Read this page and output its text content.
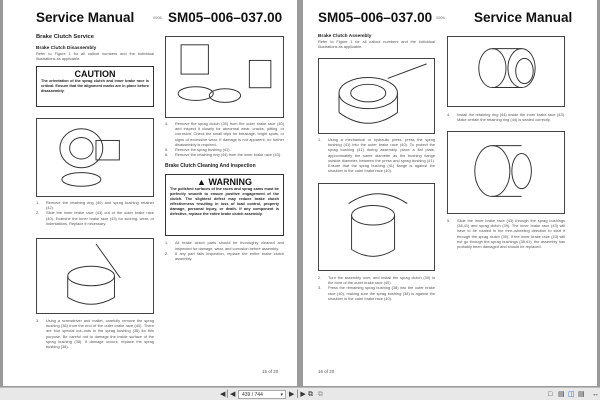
Service Manual	0506 SM05–006–037.00
Brake Clutch Service
Brake Clutch Disassembly
Refer to Figure 1 for all callout numbers and the individual illustrations as applicable.
CAUTION
The orientation of the sprag clutch and inner brake race is critical. Ensure that the alignment marks are in place before disassembly.
1.	Remove the retaining ring (40) and sprag bushing retainer (42).
2.	Slide the inner brake race (43) out of the outer brake race (40). Examine the inner brake race (43) for scoring, wear, or indentations. Replace if necessary.
3.	Using a screwdriver and mallet, carefully remove the sprag bushing (38) from the end of the outer brake race (40). There are four special cut–outs in the sprag bushing (38) for this purpose. Be careful not to damage the inside surface of the sprag bushing (38). If damage occurs, replace the sprag bushing (38).
4.	Remove the sprag clutch (39) from the outer brake race (40) and inspect it closely for abnormal wear, cracks, pitting, or corrosion. Check the small clips for breakage, bright spots, or signs of excessive wear. If damage is not apparent, no further disassembly is required.
5.	Remove the sprag bushing (41).
6.	Remove the retaining ring (44) from the inner brake race (43).
Brake Clutch Cleaning And Inspection
▲ WARNING
The polished surfaces of the races and sprag cams must be perfectly smooth to ensure positive engagement of the clutch. The slightest defect may reduce brake clutch effectiveness resulting in loss of load control, property damage, personal injury, or death. If any component is defective, replace the entire brake clutch assembly.
1.	All brake clutch parts should be thoroughly cleaned and inspected for damage, wear, and corrosion before assembly.
2.	If any part fails inspection, replace the entire brake clutch assembly.
15 of 20
SM05–006–037.00 0506 Service Manual
Brake Clutch Assembly
Refer to Figure 1 for all callout numbers and the individual illustrations as applicable.
1.	Using a mechanical or hydraulic press, press the sprag bushing (41) into the outer brake race (40). To protect the sprag bushing (41) during assembly, place a flat plate, approximately the same diameter as the bushing flange outside diameter, between the press and sprag bushing (41). Ensure that the sprag bushing (41) flange is against the shoulder in the outer brake race (40).
2.	Turn the assembly over, and install the sprag clutch (39) in the bore of the outer brake race (40).
3.	Press the remaining sprag bushing (38) into the outer brake race (40), making sure the sprag bushing (38) is against the shoulder in the outer brake race (40).
4.	Install the retaining ring (44) inside the inner brake race (43). Make certain the retaining ring (44) is seated correctly.
5.	Slide the inner brake race (43) through the sprag bushings (38,41) and sprag clutch (39). The inner brake race (43) will have to be rotated in the free–wheeling direction to start it through the sprag clutch (39). If the inner brake race (43) will not go through the sprag bushings (38,41), the assembly has probably been damaged and should be replaced.
16 of 20
◀│ ◀	439 / 744	▾ ▶ │▶ ⧉ ⧉	□ ▤ ◫ ▤ ↔
